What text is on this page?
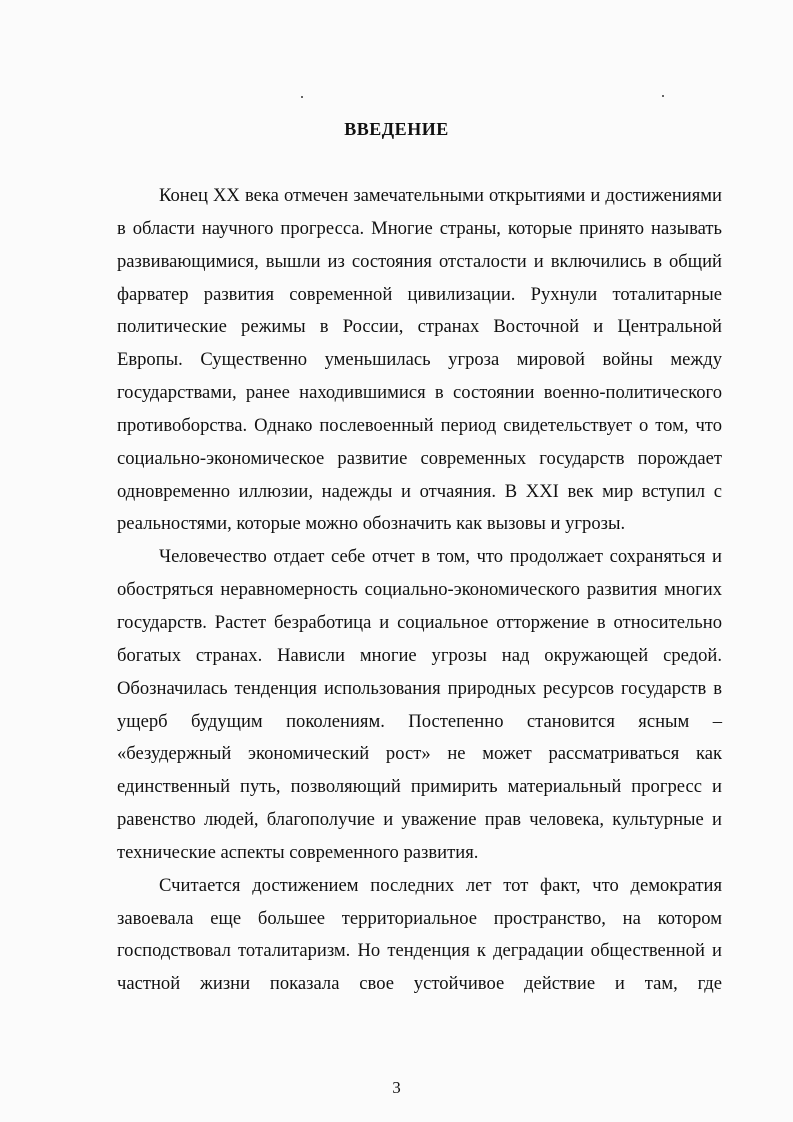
ВВЕДЕНИЕ

Конец XX века отмечен замечательными открытиями и достижениями в области научного прогресса. Многие страны, которые принято называть развивающимися, вышли из состояния отсталости и включились в общий фарватер развития современной цивилизации. Рухнули тоталитарные политические режимы в России, странах Восточной и Центральной Европы. Существенно уменьшилась угроза мировой войны между государствами, ранее находившимися в состоянии военно-политического противоборства. Однако послевоенный период свидетельствует о том, что социально-экономическое развитие современных государств порождает одновременно иллюзии, надежды и отчаяния. В XXI век мир вступил с реальностями, которые можно обозначить как вызовы и угрозы.

Человечество отдает себе отчет в том, что продолжает сохраняться и обостряться неравномерность социально-экономического развития многих государств. Растет безработица и социальное отторжение в относительно богатых странах. Нависли многие угрозы над окружающей средой. Обозначилась тенденция использования природных ресурсов государств в ущерб будущим поколениям. Постепенно становится ясным – «безудержный экономический рост» не может рассматриваться как единственный путь, позволяющий примирить материальный прогресс и равенство людей, благополучие и уважение прав человека, культурные и технические аспекты современного развития.

Считается достижением последних лет тот факт, что демократия завоевала еще большее территориальное пространство, на котором господствовал тоталитаризм. Но тенденция к деградации общественной и частной жизни показала свое устойчивое действие и там, где

3
